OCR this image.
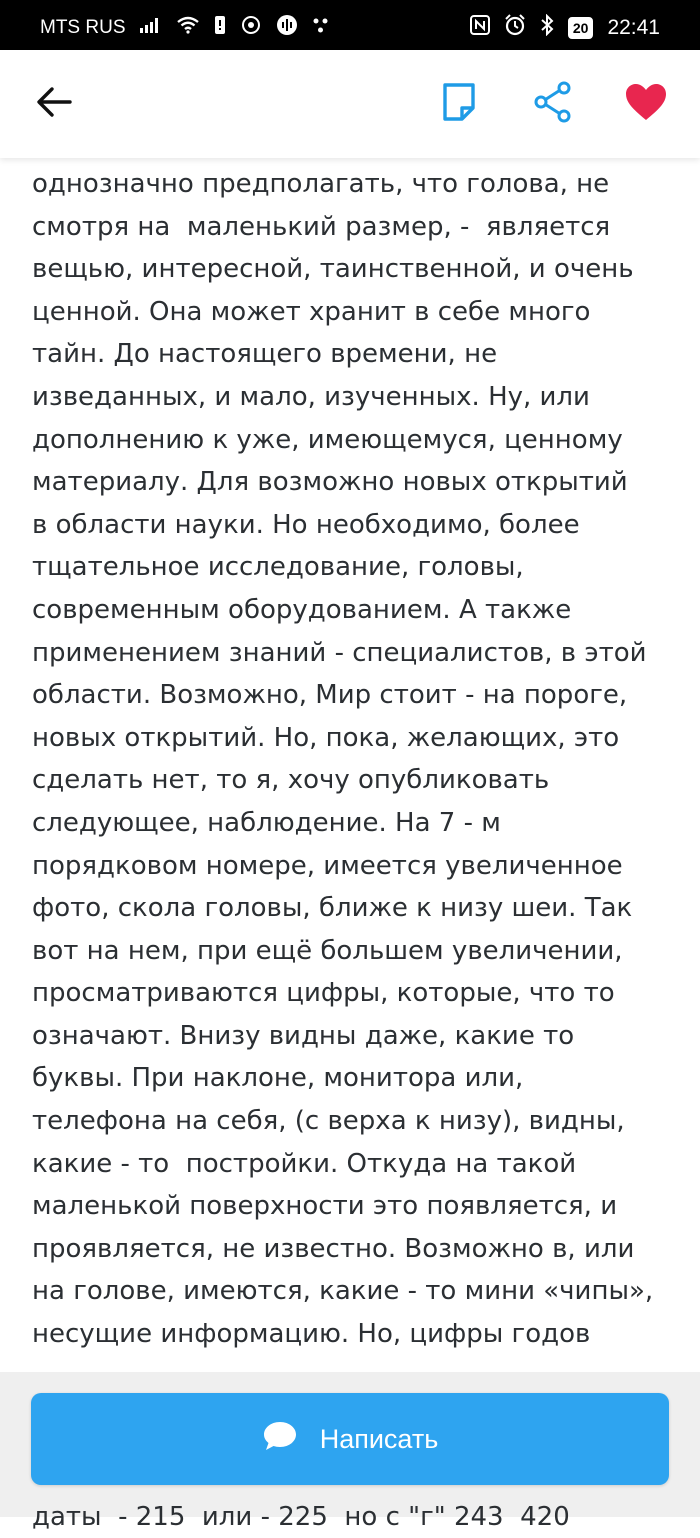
MTS RUS	20 22:41
однозначно предполагать, что голова, не
смотря на  маленький размер, -  является
вещью, интересной, таинственной, и очень
ценной. Она может хранит в себе много
тайн. До настоящего времени, не
изведанных, и мало, изученных. Ну, или
дополнению к уже, имеющемуся, ценному
материалу. Для возможно новых открытий
в области науки. Но необходимо, более
тщательное исследование, головы,
современным оборудованием. А также
применением знаний - специалистов, в этой
области. Возможно, Мир стоит - на пороге,
новых открытий. Но, пока, желающих, это
сделать нет, то я, хочу опубликовать
следующее, наблюдение. На 7 - м
порядковом номере, имеется увеличенное
фото, скола головы, ближе к низу шеи. Так
вот на нем, при ещё большем увеличении,
просматриваются цифры, которые, что то
означают. Внизу видны даже, какие то
буквы. При наклоне, монитора или,
телефона на себя, (с верха к низу), видны,
какие - то  постройки. Откуда на такой
маленькой поверхности это появляется, и
проявляется, не известно. Возможно в, или
на голове, имеются, какие - то мини «чипы»,
несущие информацию. Но, цифры годов
даты  - 215  или - 225  но с "г" 243  420
Написать
